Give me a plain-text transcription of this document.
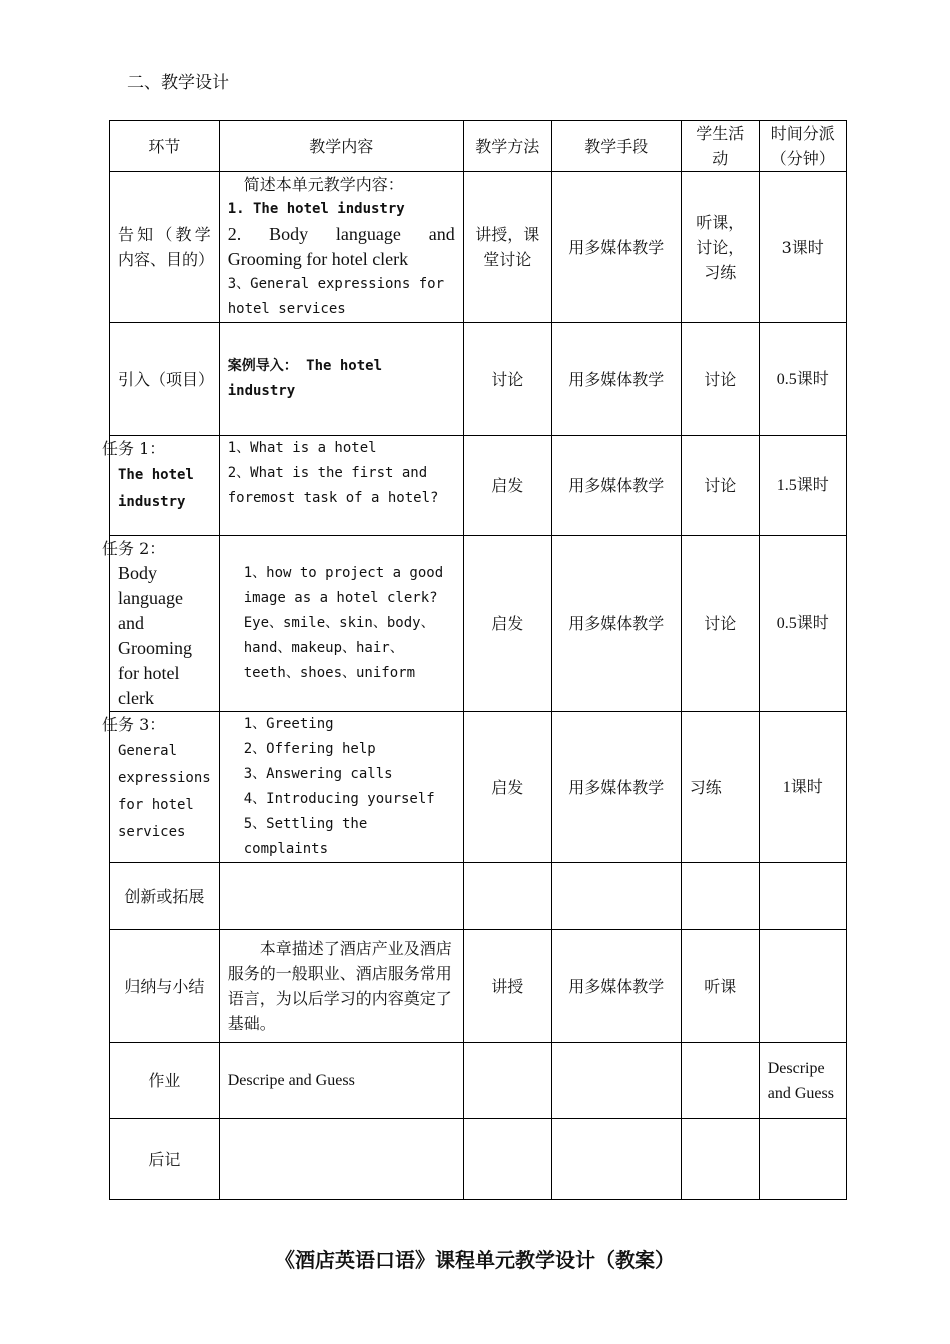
二、教学设计
环节	教学内容	教学方法	教学手段	学生活动	时间分派（分钟）
告知（教学内容、目的）	简述本单元教学内容：
1. The hotel industry
2. Body language and Grooming for hotel clerk
3、General expressions for hotel services	讲授，课堂讨论	用多媒体教学	听课，讨论，习练	3课时
引入（项目）	案例导入： The hotel industry	讨论	用多媒体教学	讨论	0.5课时

任务 1：
The hotel industry	1、What is a hotel
2、What is the first and foremost task of a hotel?	启发	用多媒体教学	讨论	1.5课时

任务 2：
Body language and Grooming for hotel clerk	1、how to project a good image as a hotel clerk?
Eye、smile、skin、body、hand、makeup、hair、teeth、shoes、uniform	启发	用多媒体教学	讨论	0.5课时

任务 3：
General expressions for hotel services	1、Greeting
2、Offering help
3、Answering calls
4、Introducing yourself
5、Settling the complaints	启发	用多媒体教学	习练	1课时
创新或拓展					
归纳与小结	本章描述了酒店产业及酒店服务的一般职业、酒店服务常用语言，为以后学习的内容奠定了基础。	讲授	用多媒体教学	听课	
作业	Descripe and Guess				Descripe and Guess
后记					
《酒店英语口语》课程单元教学设计（教案）
